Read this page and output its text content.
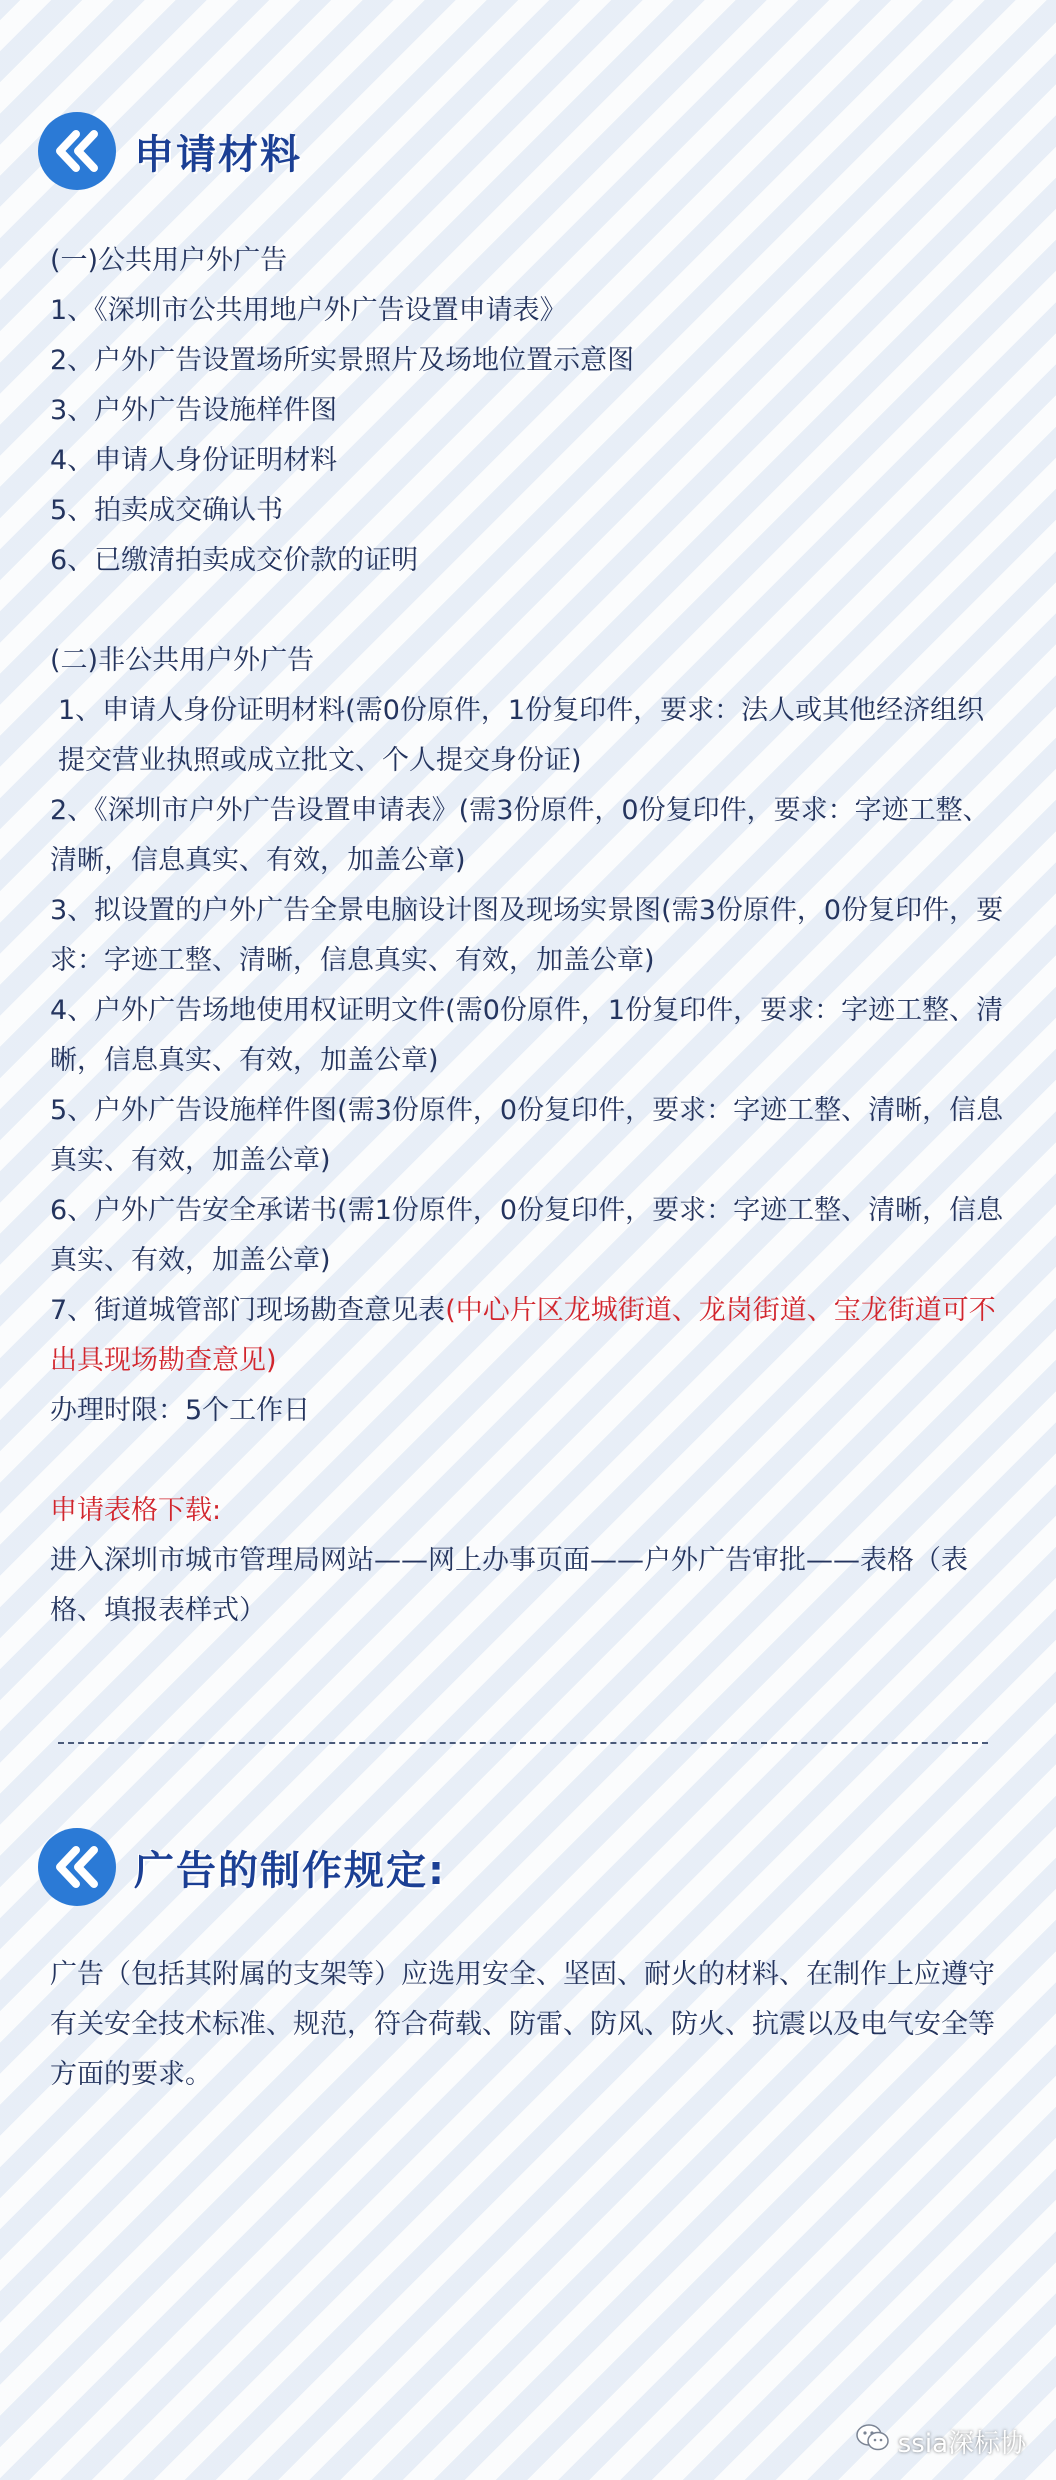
申请材料
(一)公共用户外广告
1、《深圳市公共用地户外广告设置申请表》
2、户外广告设置场所实景照片及场地位置示意图
3、户外广告设施样件图
4、申请人身份证明材料
5、拍卖成交确认书
6、已缴清拍卖成交价款的证明
(二)非公共用户外广告
1、申请人身份证明材料(需0份原件，1份复印件，要求：法人或其他经济组织提交营业执照或成立批文、个人提交身份证)
2、《深圳市户外广告设置申请表》(需3份原件，0份复印件，要求：字迹工整、清晰，信息真实、有效，加盖公章)
3、拟设置的户外广告全景电脑设计图及现场实景图(需3份原件，0份复印件，要求：字迹工整、清晰，信息真实、有效，加盖公章)
4、户外广告场地使用权证明文件(需0份原件，1份复印件，要求：字迹工整、清晰，信息真实、有效，加盖公章)
5、户外广告设施样件图(需3份原件，0份复印件，要求：字迹工整、清晰，信息真实、有效，加盖公章)
6、户外广告安全承诺书(需1份原件，0份复印件，要求：字迹工整、清晰，信息真实、有效，加盖公章)
7、街道城管部门现场勘查意见表(中心片区龙城街道、龙岗街道、宝龙街道可不出具现场勘查意见)
办理时限：5个工作日
申请表格下载:
进入深圳市城市管理局网站——网上办事页面——户外广告审批——表格（表格、填报表样式）
广告的制作规定:
广告（包括其附属的支架等）应选用安全、坚固、耐火的材料、在制作上应遵守有关安全技术标准、规范，符合荷载、防雷、防风、防火、抗震以及电气安全等方面的要求。
ssia深标协
